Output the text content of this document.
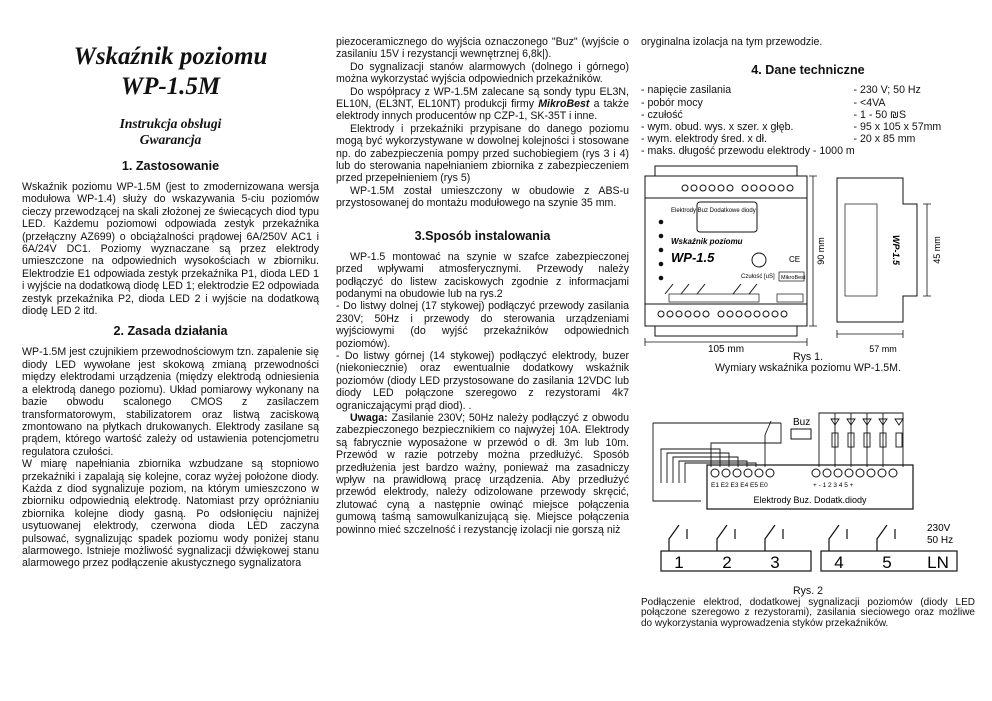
Wskaźnik poziomu
WP-1.5M
Instrukcja obsługi
Gwarancja
1. Zastosowanie

Wskaźnik poziomu WP-1.5M (jest to zmodernizowana wersja modułowa WP-1.4) służy do wskazywania 5-ciu poziomów cieczy przewodzącej na skali złożonej ze świecących diod typu LED. Każdemu poziomowi odpowiada zestyk przekaźnika (przełączny AZ699) o obciążalności prądowej 6A/250V AC1 i 6A/24V DC1. Poziomy wyznaczane są przez elektrody umieszczone na odpowiednich wysokościach w zbiorniku. Elektrodzie E1 odpowiada zestyk przekaźnika P1, dioda LED 1 i wyjście na dodatkową diodę LED 1; elektrodzie E2 odpowiada zestyk przekaźnika P2, dioda LED 2 i wyjście na dodatkową diodę LED 2 itd.

2. Zasada działania

WP-1.5M jest czujnikiem przewodnościowym tzn. zapalenie się diody LED wywołane jest skokową zmianą przewodności między elektrodami urządzenia (między elektrodą odniesienia a elektrodą danego poziomu). Układ pomiarowy wykonany na bazie obwodu scalonego CMOS z zasilaczem transformatorowym, stabilizatorem oraz listwą zaciskową zmontowano na płytkach drukowanych. Elektrody zasilane są prądem, którego wartość zależy od ustawienia potencjometru regulatora czułości.

W miarę napełniania zbiornika wzbudzane są stopniowo przekaźniki i zapalają się kolejne, coraz wyżej położone diody. Każda z diod sygnalizuje poziom, na którym umieszczono w zbiorniku odpowiednią elektrodę. Natomiast przy opróżnianiu zbiornika kolejne diody gasną. Po odsłonięciu najniżej usytuowanej elektrody, czerwona dioda LED zaczyna pulsować, sygnalizując spadek poziomu wody poniżej stanu alarmowego. Istnieje możliwość sygnalizacji dźwiękowej stanu alarmowego przez podłączenie akustycznego sygnalizatora

piezoceramicznego do wyjścia oznaczonego "Buz" (wyjście o zasilaniu 15V i rezystancji wewnętrznej 6,8k|).

Do sygnalizacji stanów alarmowych (dolnego i górnego) można wykorzystać wyjścia odpowiednich przekaźników.

Do współpracy z WP-1.5M zalecane są sondy typu EL3N, EL10N, (EL3NT, EL10NT) produkcji firmy MikroBest a także elektrody innych producentów np CZP-1, SK-35T i inne.

Elektrody i przekaźniki przypisane do danego poziomu mogą być wykorzystywane w dowolnej kolejności i stosowane np. do zabezpieczenia pompy przed suchobiegiem (rys 3 i 4) lub do sterowania napełnianiem zbiornika z zabezpieczeniem przed przepełnieniem (rys 5)

WP-1.5M został umieszczony w obudowie z ABS-u przystosowanej do montażu modułowego na szynie 35 mm.

3.Sposób instalowania

WP-1.5 montować na szynie w szafce zabezpieczonej przed wpływami atmosferycznymi. Przewody należy podłączyć do listew zaciskowych zgodnie z informacjami podanymi na obudowie lub na rys.2

- Do listwy dolnej (17 stykowej) podłączyć przewody zasilania 230V; 50Hz i przewody do sterowania urządzeniami wyjściowymi (do wyjść przekaźników odpowiednich poziomów).

- Do listwy górnej (14 stykowej) podłączyć elektrody, buzer (niekoniecznie) oraz ewentualnie dodatkowy wskaźnik poziomów (diody LED przystosowane do zasilania 12VDC lub diody LED połączone szeregowo z rezystorami 4k7 ograniczającymi prąd diod). .

Uwaga: Zasilanie 230V; 50Hz należy podłączyć z obwodu zabezpieczonego bezpiecznikiem co najwyżej 10A. Elektrody są fabrycznie wyposażone w przewód o dł. 3m lub 10m. Przewód w razie potrzeby można przedłużyć. Sposób przedłużenia jest bardzo ważny, ponieważ ma zasadniczy wpływ na prawidłową pracę urządzenia. Aby przedłużyć przewód elektrody, należy odizolowane przewody skręcić, zlutować cyną a następnie owinąć miejsce połączenia gumową taśmą samowulkanizującą się. Miejsce połączenia powinno mieć szczelność i rezystancję izolacji nie gorszą niż

oryginalna izolacja na tym przewodzie.

4. Dane techniczne
- napięcie zasilania	- 230 V; 50 Hz
- pobór mocy	- <4VA
- czułość	- 1 - 50 ₪S
- wym. obud. wys. x szer. x głęb.	- 95 x 105 x 57mm
- wym. elektrody śred. x dł.	- 20 x 85 mm
- maks. długość przewodu elektrody - 1000 m
Elektrody Buz Dodatkowe diody
Wskaźnik poziomu
WP-1.5	CE
Czułość [uS] MikroBest
105 mm
90 mm	WP-1.5	45 mm
57 mm
Rys 1.
Wymiary wskaźnika poziomu WP-1.5M.
Buz
E1 E2 E3 E4 E5 E0	+ - 1 2 3 4 5 +
Elektrody Buz. Dodatk.diody
230V
50 Hz
1 2 3	4 5 LN
Rys. 2

Podłączenie elektrod, dodatkowej sygnalizacji poziomów (diody LED połączone szeregowo z rezystorami), zasilania sieciowego oraz możliwe do wykorzystania wyprowadzenia styków przekaźników.
